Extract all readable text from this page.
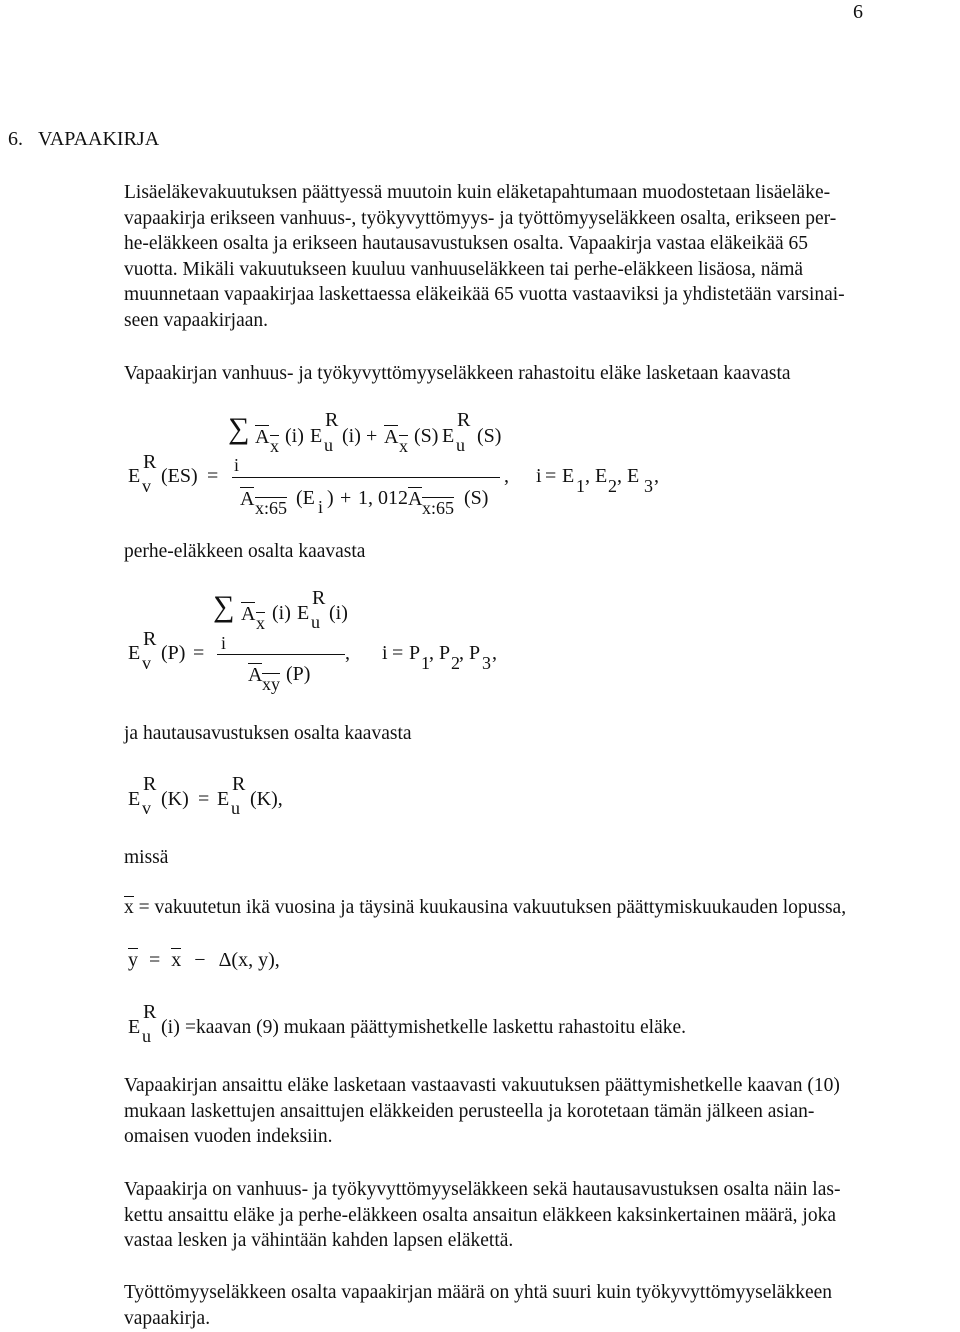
6
6. VAPAAKIRJA
Lisäeläkevakuutuksen päättyessä muutoin kuin eläketapahtumaan muodostetaan lisäeläke-
vapaakirja erikseen vanhuus-, työkyvyttömyys- ja työttömyyseläkkeen osalta, erikseen per-
he-eläkkeen osalta ja erikseen hautausavustuksen osalta. Vapaakirja vastaa eläkeikää 65
vuotta. Mikäli vakuutukseen kuuluu vanhuuseläkkeen tai perhe-eläkkeen lisäosa, nämä
muunnetaan vapaakirjaa laskettaessa eläkeikää 65 vuotta vastaaviksi ja yhdistetään varsinai-
seen vapaakirjaan.
Vapaakirjan vanhuus- ja työkyvyttömyyseläkkeen rahastoitu eläke lasketaan kaavasta
∑ A x (i) E
R
u (i) + A x (S) E
R
u (S)
i
E
R
v (ES) =	,
A x:65 (E i ) + 1, 012 A x:65 (S)
i = E 1 , E 2 , E 3 ,
perhe-eläkkeen osalta kaavasta
∑ A x (i) E
R
u (i)
i
E
R
v (P) =	,
A xy (P)
i = P 1 , P 2 , P 3 ,
ja hautausavustuksen osalta kaavasta
E
R
v (K) = E
R
u (K),
missä
x = vakuutetun ikä vuosina ja täysinä kuukausina vakuutuksen päättymiskuukauden lopussa,
y = x − Δ(x, y),
E
R
u (i) =kaavan (9) mukaan päättymishetkelle laskettu rahastoitu eläke.
Vapaakirjan ansaittu eläke lasketaan vastaavasti vakuutuksen päättymishetkelle kaavan (10)
mukaan laskettujen ansaittujen eläkkeiden perusteella ja korotetaan tämän jälkeen asian-
omaisen vuoden indeksiin.
Vapaakirja on vanhuus- ja työkyvyttömyyseläkkeen sekä hautausavustuksen osalta näin las-
kettu ansaittu eläke ja perhe-eläkkeen osalta ansaitun eläkkeen kaksinkertainen määrä, joka
vastaa lesken ja vähintään kahden lapsen eläkettä.
Työttömyyseläkkeen osalta vapaakirjan määrä on yhtä suuri kuin työkyvyttömyyseläkkeen
vapaakirja.
